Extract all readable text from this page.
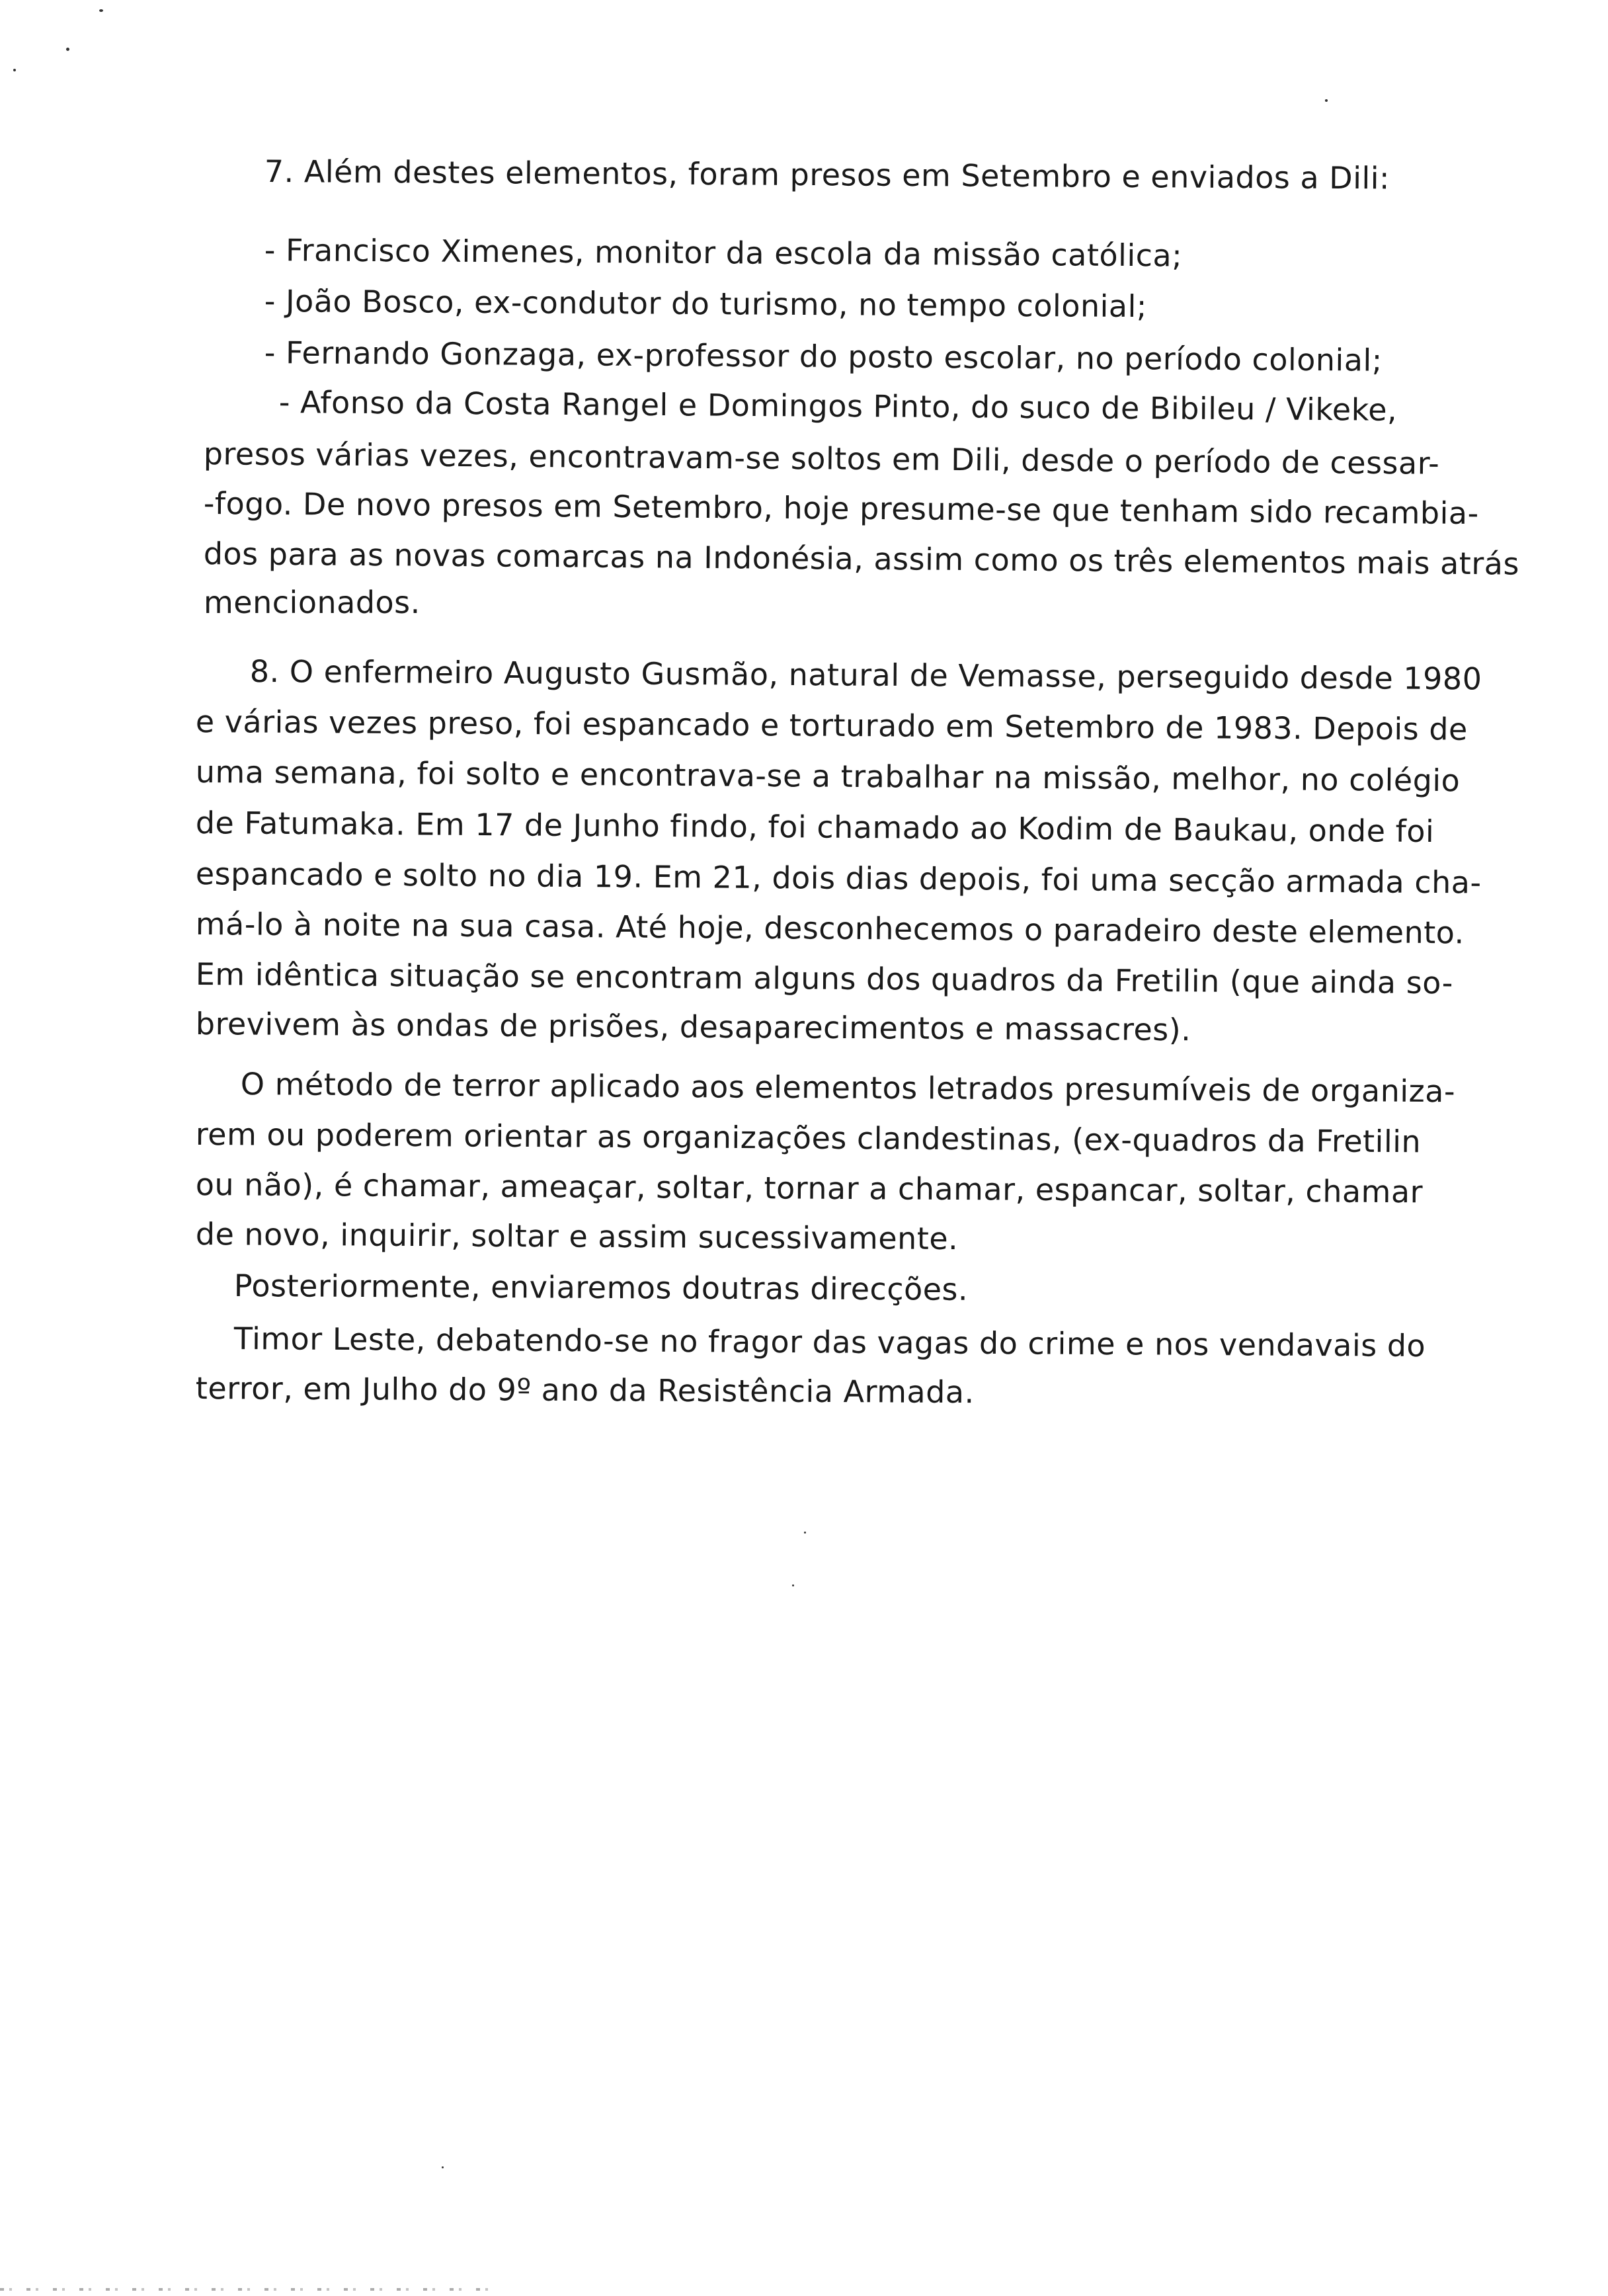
7. Além destes elementos, foram presos em Setembro e enviados a Dili:
- Francisco Ximenes, monitor da escola da missão católica;
- João Bosco, ex-condutor do turismo, no tempo colonial;
- Fernando Gonzaga, ex-professor do posto escolar, no período colonial;
- Afonso da Costa Rangel e Domingos Pinto, do suco de Bibileu / Vikeke,
presos várias vezes, encontravam-se soltos em Dili, desde o período de cessar-
-fogo. De novo presos em Setembro, hoje presume-se que tenham sido recambia-
dos para as novas comarcas na Indonésia, assim como os três elementos mais atrás
mencionados.
8. O enfermeiro Augusto Gusmão, natural de Vemasse, perseguido desde 1980
e várias vezes preso, foi espancado e torturado em Setembro de 1983. Depois de
uma semana, foi solto e encontrava-se a trabalhar na missão, melhor, no colégio
de Fatumaka. Em 17 de Junho findo, foi chamado ao Kodim de Baukau, onde foi
espancado e solto no dia 19. Em 21, dois dias depois, foi uma secção armada cha-
má-lo à noite na sua casa. Até hoje, desconhecemos o paradeiro deste elemento.
Em idêntica situação se encontram alguns dos quadros da Fretilin (que ainda so-
brevivem às ondas de prisões, desaparecimentos e massacres).
O método de terror aplicado aos elementos letrados presumíveis de organiza-
rem ou poderem orientar as organizações clandestinas, (ex-quadros da Fretilin
ou não), é chamar, ameaçar, soltar, tornar a chamar, espancar, soltar, chamar
de novo, inquirir, soltar e assim sucessivamente.
Posteriormente, enviaremos doutras direcções.
Timor Leste, debatendo-se no fragor das vagas do crime e nos vendavais do
terror, em Julho do 9º ano da Resistência Armada.
